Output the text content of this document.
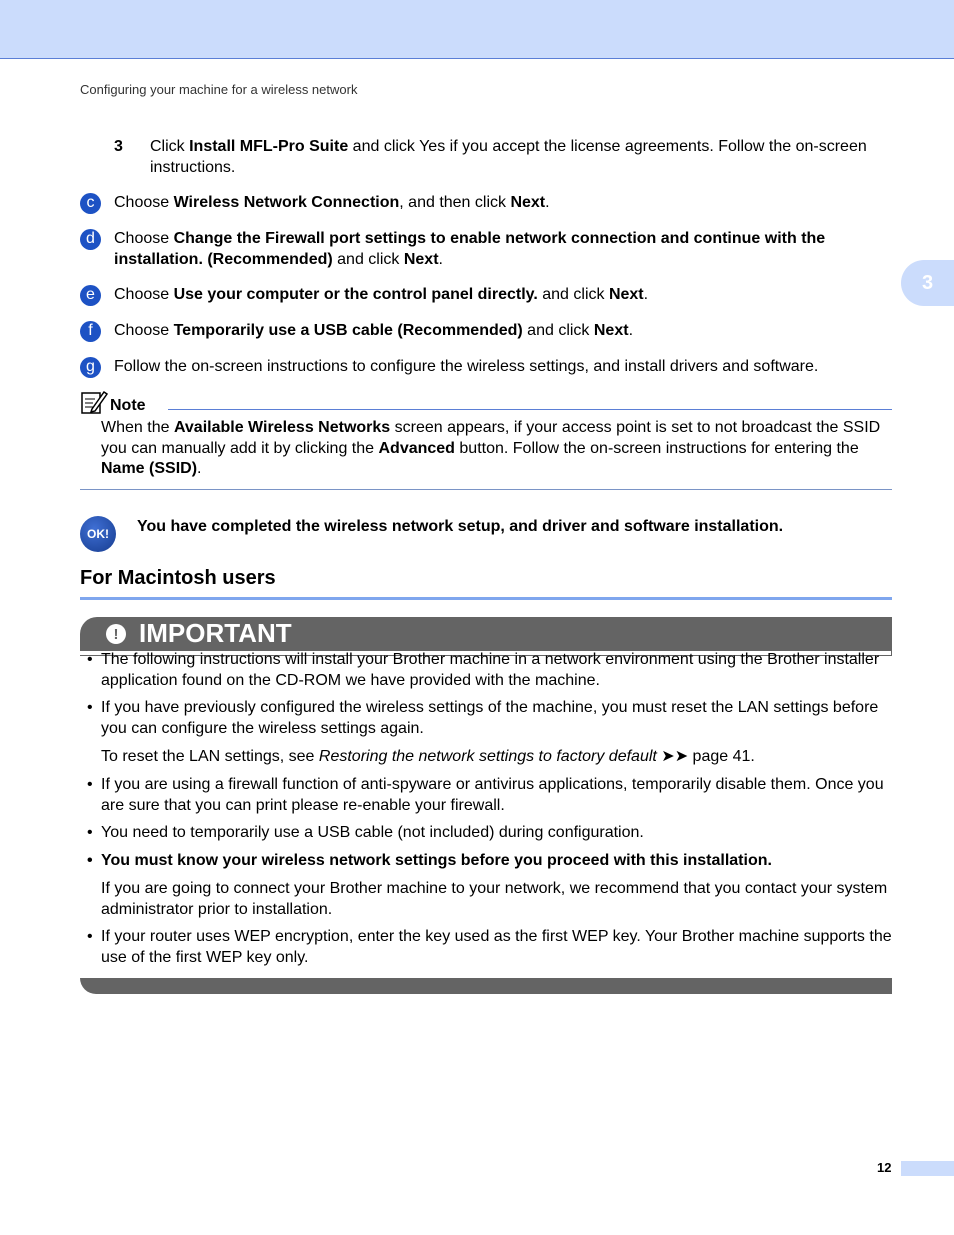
Configuring your machine for a wireless network
3
3 Click Install MFL-Pro Suite and click Yes if you accept the license agreements. Follow the on-screen instructions.
c	Choose Wireless Network Connection, and then click Next.
d	Choose Change the Firewall port settings to enable network connection and continue with the installation. (Recommended) and click Next.
e	Choose Use your computer or the control panel directly. and click Next.
f	Choose Temporarily use a USB cable (Recommended) and click Next.
g	Follow the on-screen instructions to configure the wireless settings, and install drivers and software.
Note
When the Available Wireless Networks screen appears, if your access point is set to not broadcast the SSID you can manually add it by clicking the Advanced button. Follow the on-screen instructions for entering the Name (SSID).
OK!	You have completed the wireless network setup, and driver and software installation.
For Macintosh users
! IMPORTANT
• The following instructions will install your Brother machine in a network environment using the Brother installer application found on the CD-ROM we have provided with the machine.
• If you have previously configured the wireless settings of the machine, you must reset the LAN settings before you can configure the wireless settings again.
To reset the LAN settings, see Restoring the network settings to factory default ➤➤ page 41.
• If you are using a firewall function of anti-spyware or antivirus applications, temporarily disable them. Once you are sure that you can print please re-enable your firewall.
• You need to temporarily use a USB cable (not included) during configuration.
• You must know your wireless network settings before you proceed with this installation.
If you are going to connect your Brother machine to your network, we recommend that you contact your system administrator prior to installation.
• If your router uses WEP encryption, enter the key used as the first WEP key. Your Brother machine supports the use of the first WEP key only.
12
